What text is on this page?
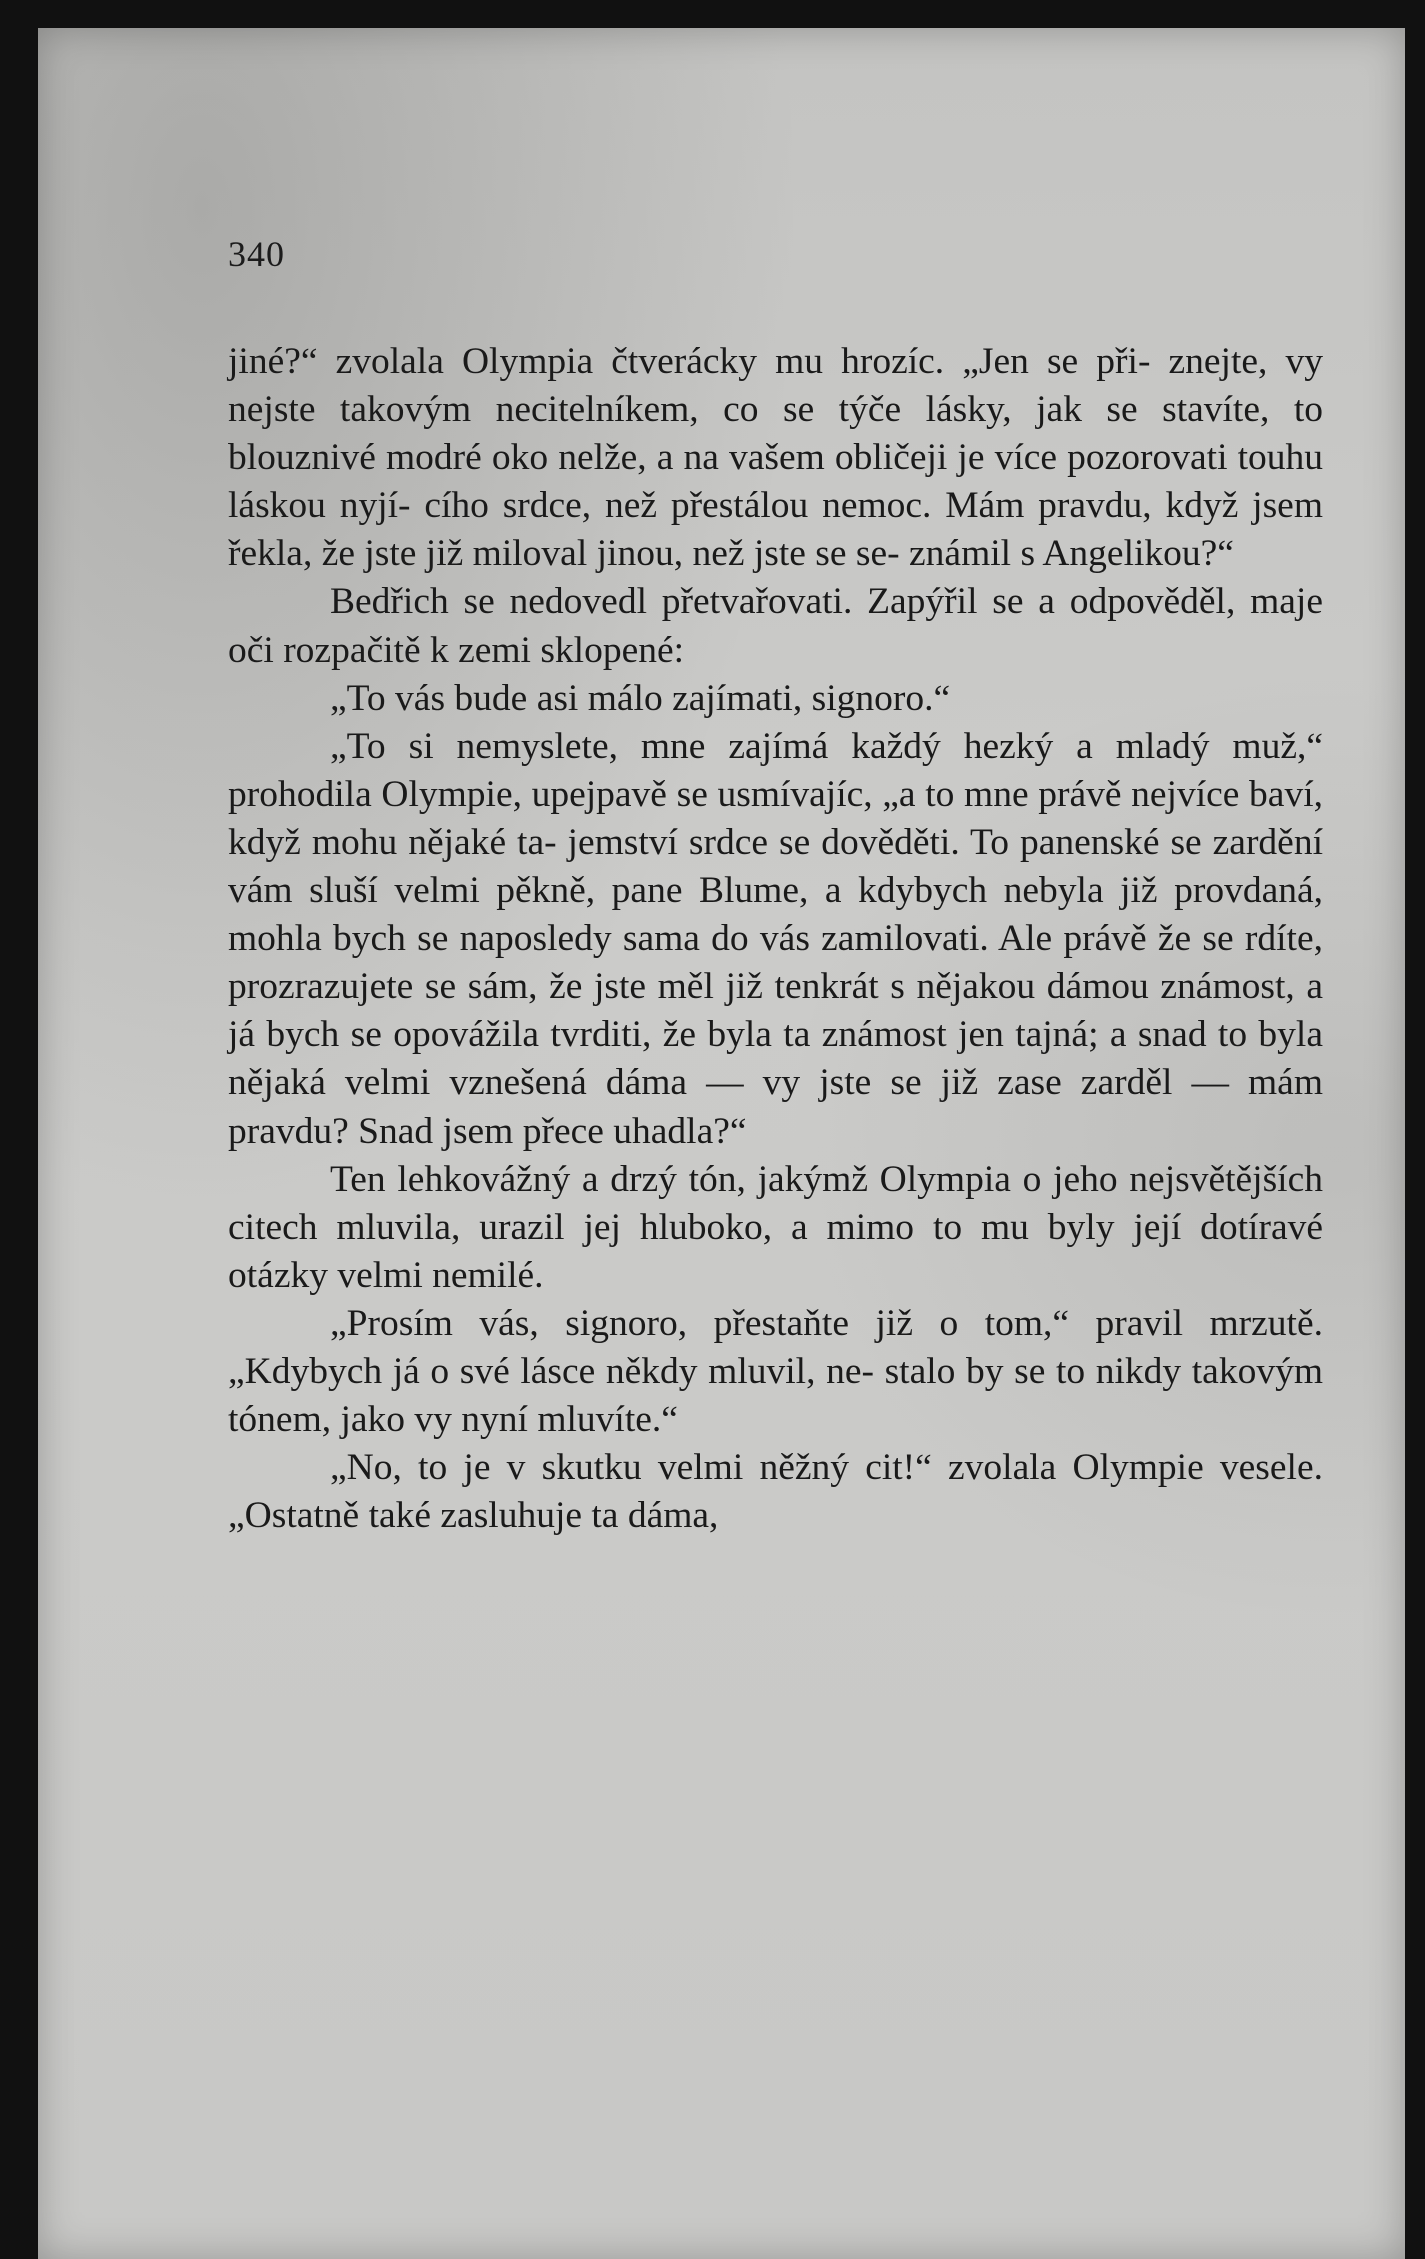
340

jiné?“ zvolala Olympia čtverácky mu hrozíc. „Jen se při- znejte, vy nejste takovým necitelníkem, co se týče lásky, jak se stavíte, to blouznivé modré oko nelže, a na vašem obličeji je více pozorovati touhu láskou nyjí- cího srdce, než přestálou nemoc. Mám pravdu, když jsem řekla, že jste již miloval jinou, než jste se se- známil s Angelikou?“

Bedřich se nedovedl přetvařovati. Zapýřil se a odpověděl, maje oči rozpačitě k zemi sklopené:

„To vás bude asi málo zajímati, signoro.“

„To si nemyslete, mne zajímá každý hezký a mladý muž,“ prohodila Olympie, upejpavě se usmívajíc, „a to mne právě nejvíce baví, když mohu nějaké ta- jemství srdce se dověděti. To panenské se zardění vám sluší velmi pěkně, pane Blume, a kdybych nebyla již provdaná, mohla bych se naposledy sama do vás zamilovati. Ale právě že se rdíte, prozrazujete se sám, že jste měl již tenkrát s nějakou dámou známost, a já bych se opovážila tvrditi, že byla ta známost jen tajná; a snad to byla nějaká velmi vznešená dáma — vy jste se již zase zarděl — mám pravdu? Snad jsem přece uhadla?“

Ten lehkovážný a drzý tón, jakýmž Olympia o jeho nejsvětějších citech mluvila, urazil jej hluboko, a mimo to mu byly její dotíravé otázky velmi nemilé.

„Prosím vás, signoro, přestaňte již o tom,“ pravil mrzutě. „Kdybych já o své lásce někdy mluvil, ne- stalo by se to nikdy takovým tónem, jako vy nyní mluvíte.“

„No, to je v skutku velmi něžný cit!“ zvolala Olympie vesele. „Ostatně také zasluhuje ta dáma,
